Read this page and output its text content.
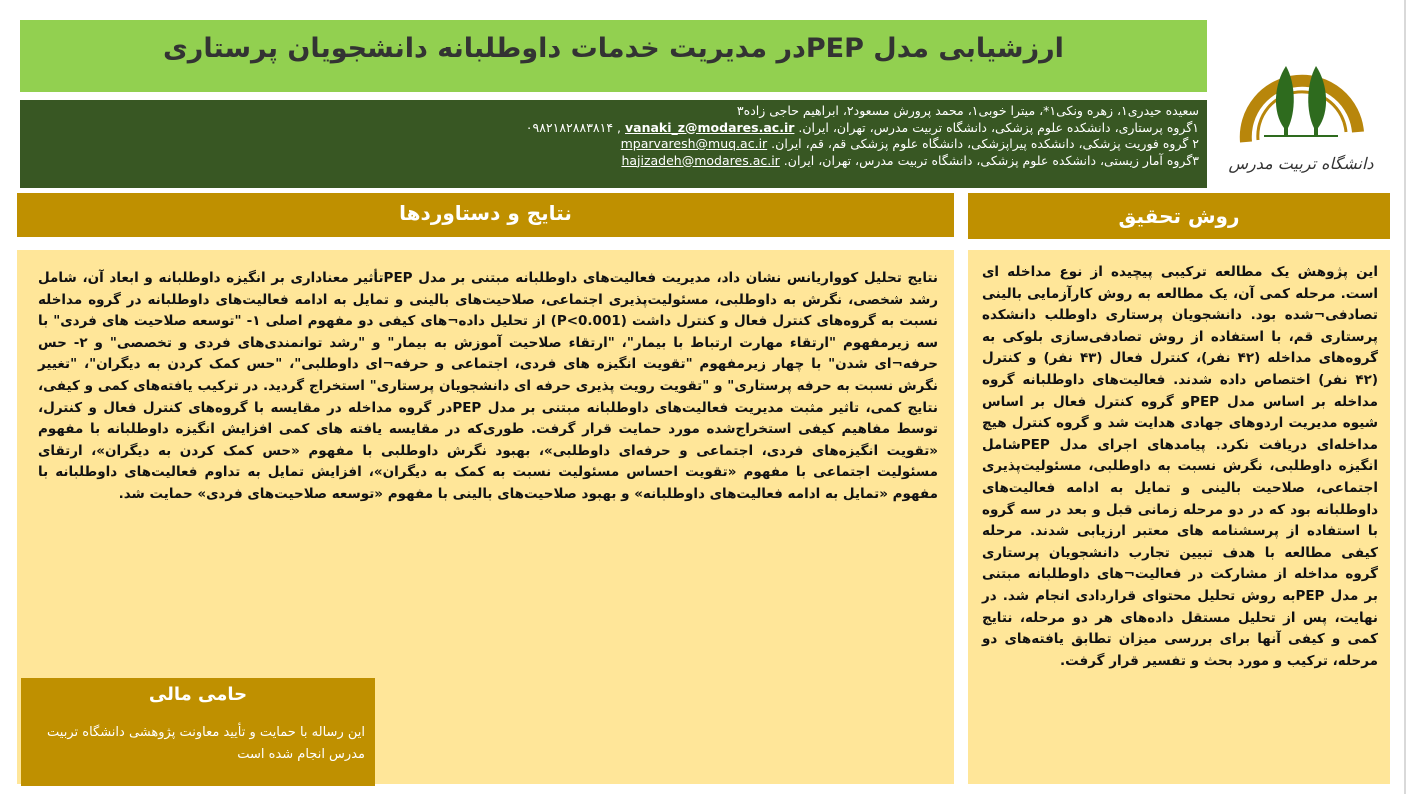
ارزشیابی مدل PEPدر مدیریت خدمات داوطلبانه دانشجویان پرستاری
سعیده حیدری۱، زهره ونکی۱*، میترا خوبی۱، محمد پرورش مسعود۲، ابراهیم حاجی زاده۳
۱گروه پرستاری، دانشکده علوم پزشکی، دانشگاه تربیت مدرس، تهران، ایران. vanaki_z@modares.ac.ir ۰۹۸۲۱۸۲۸۸۳۸۱۴ ,
۲ گروه فوریت پزشکی، دانشکده پیراپزشکی، دانشگاه علوم پزشکی قم، قم، ایران. mparvaresh@muq.ac.ir
۳گروه آمار زیستی، دانشکده علوم پزشکی، دانشگاه تربیت مدرس، تهران، ایران. hajizadeh@modares.ac.ir	دانشگاه تربیت مدرس
نتایج و دستاوردها	روش تحقیق
نتایج تحلیل کوواریانس نشان داد، مدیریت فعالیت‌های داوطلبانه مبتنی بر مدل PEPتأثیر معناداری بر انگیزه داوطلبانه و ابعاد آن، شامل رشد شخصی، نگرش به داوطلبی، مسئولیت‌پذیری اجتماعی، صلاحیت‌های بالینی و تمایل به ادامه فعالیت‌های داوطلبانه در گروه مداخله نسبت به گروه‌های کنترل فعال و کنترل داشت (P<0.001) از تحلیل داده¬های کیفی دو مفهوم اصلی ۱- "توسعه صلاحیت های فردی" با سه زیرمفهوم "ارتقاء مهارت ارتباط با بیمار"، "ارتقاء صلاحیت آموزش به بیمار" و "رشد توانمندی‌های فردی و تخصصی" و ۲- حس حرفه¬ای شدن" با چهار زیرمفهوم "تقویت انگیزه های فردی، اجتماعی و حرفه¬ای داوطلبی"، "حس کمک کردن به دیگران"، "تغییر نگرش نسبت به حرفه پرستاری" و "تقویت رویت پذیری حرفه ای دانشجویان پرستاری" استخراج گردید. در ترکیب یافته‌های کمی و کیفی، نتایج کمی، تاثیر مثبت مدیریت فعالیت‌های داوطلبانه مبتنی بر مدل PEPدر گروه مداخله در مقایسه با گروه‌های کنترل فعال و کنترل، توسط مفاهیم کیفی استخراج‌شده مورد حمایت قرار گرفت. طوری‌که در مقایسه یافته های کمی افزایش انگیزه داوطلبانه با مفهوم «تقویت انگیزه‌های فردی، اجتماعی و حرفه‌ای داوطلبی»، بهبود نگرش داوطلبی با مفهوم «حس کمک کردن به دیگران»، ارتقای مسئولیت اجتماعی با مفهوم «تقویت احساس مسئولیت نسبت به کمک به دیگران»، افزایش تمایل به تداوم فعالیت‌های داوطلبانه با مفهوم «تمایل به ادامه فعالیت‌های داوطلبانه» و بهبود صلاحیت‌های بالینی با مفهوم «توسعه صلاحیت‌های فردی» حمایت شد.
این پژوهش یک مطالعه ترکیبی پیچیده از نوع مداخله ای است. مرحله کمی آن، یک مطالعه به روش کارآزمایی بالینی تصادفی¬شده بود. دانشجویان پرستاری داوطلب دانشکده پرستاری قم، با استفاده از روش تصادفی‌سازی بلوکی به گروه‌های مداخله (۴۲ نفر)، کنترل فعال (۴۳ نفر) و کنترل (۴۲ نفر) اختصاص داده شدند. فعالیت‌های داوطلبانه گروه مداخله بر اساس مدل PEPو گروه کنترل فعال بر اساس شیوه مدیریت اردوهای جهادی هدایت شد و گروه کنترل هیچ مداخله‌ای دریافت نکرد. پیامدهای اجرای مدل PEPشامل انگیزه داوطلبی، نگرش نسبت به داوطلبی، مسئولیت‌پذیری اجتماعی، صلاحیت بالینی و تمایل به ادامه فعالیت‌های داوطلبانه بود که در دو مرحله زمانی قبل و بعد در سه گروه با استفاده از پرسشنامه های معتبر ارزیابی شدند. مرحله کیفی مطالعه با هدف تبیین تجارب دانشجویان پرستاری گروه مداخله از مشارکت در فعالیت¬های داوطلبانه مبتنی بر مدل PEPبه روش تحلیل محتوای قراردادی انجام شد. در نهایت، پس از تحلیل مستقل داده‌های هر دو مرحله، نتایج کمی و کیفی آنها برای بررسی میزان تطابق یافته‌های دو مرحله، ترکیب و مورد بحث و تفسیر قرار گرفت.
حامی مالی
این رساله با حمایت و تأیید معاونت پژوهشی دانشگاه تربیت مدرس انجام شده است
